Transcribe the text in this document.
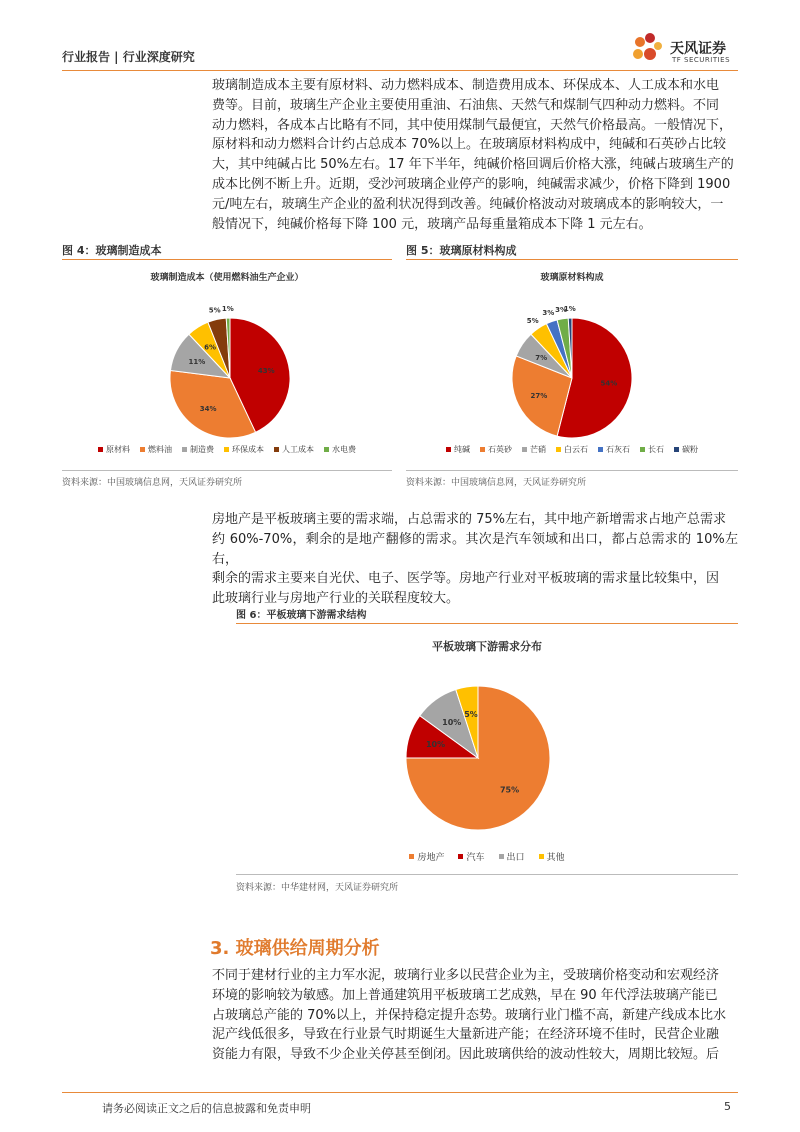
行业报告 | 行业深度研究	天风证券
TF SECURITIES

玻璃制造成本主要有原材料、动力燃料成本、制造费用成本、环保成本、人工成本和水电

费等。目前，玻璃生产企业主要使用重油、石油焦、天然气和煤制气四种动力燃料。不同

动力燃料，各成本占比略有不同，其中使用煤制气最便宜，天然气价格最高。一般情况下，

原材料和动力燃料合计约占总成本 70%以上。在玻璃原材料构成中，纯碱和石英砂占比较

大，其中纯碱占比 50%左右。17 年下半年，纯碱价格回调后价格大涨，纯碱占玻璃生产的

成本比例不断上升。近期，受沙河玻璃企业停产的影响，纯碱需求减少，价格下降到 1900

元/吨左右，玻璃生产企业的盈利状况得到改善。纯碱价格波动对玻璃成本的影响较大，一

般情况下，纯碱价格每下降 100 元，玻璃产品每重量箱成本下降 1 元左右。

图 4：玻璃制造成本
玻璃制造成本（使用燃料油生产企业）
43%
34%
11%
6%
5% 1%
原材料 燃料油 制造费 环保成本 人工成本 水电费
资料来源：中国玻璃信息网，天风证券研究所
图 5：玻璃原材料构成
玻璃原材料构成
54%
27%
7%
5%
3% 3%
1%
纯碱 石英砂 芒硝 白云石 石灰石 长石 碳粉
资料来源：中国玻璃信息网，天风证券研究所

房地产是平板玻璃主要的需求端，占总需求的 75%左右，其中地产新增需求占地产总需求

约 60%-70%，剩余的是地产翻修的需求。其次是汽车领域和出口，都占总需求的 10%左右，

剩余的需求主要来自光伏、电子、医学等。房地产行业对平板玻璃的需求量比较集中，因

此玻璃行业与房地产行业的关联程度较大。

图 6：平板玻璃下游需求结构
平板玻璃下游需求分布
75%
10%
10%
5%
房地产 汽车 出口 其他
资料来源：中华建材网，天风证券研究所
3. 玻璃供给周期分析

不同于建材行业的主力军水泥，玻璃行业多以民营企业为主，受玻璃价格变动和宏观经济

环境的影响较为敏感。加上普通建筑用平板玻璃工艺成熟，早在 90 年代浮法玻璃产能已

占玻璃总产能的 70%以上，并保持稳定提升态势。玻璃行业门槛不高，新建产线成本比水

泥产线低很多，导致在行业景气时期诞生大量新进产能；在经济环境不佳时，民营企业融

资能力有限，导致不少企业关停甚至倒闭。因此玻璃供给的波动性较大，周期比较短。后

请务必阅读正文之后的信息披露和免责申明	5
